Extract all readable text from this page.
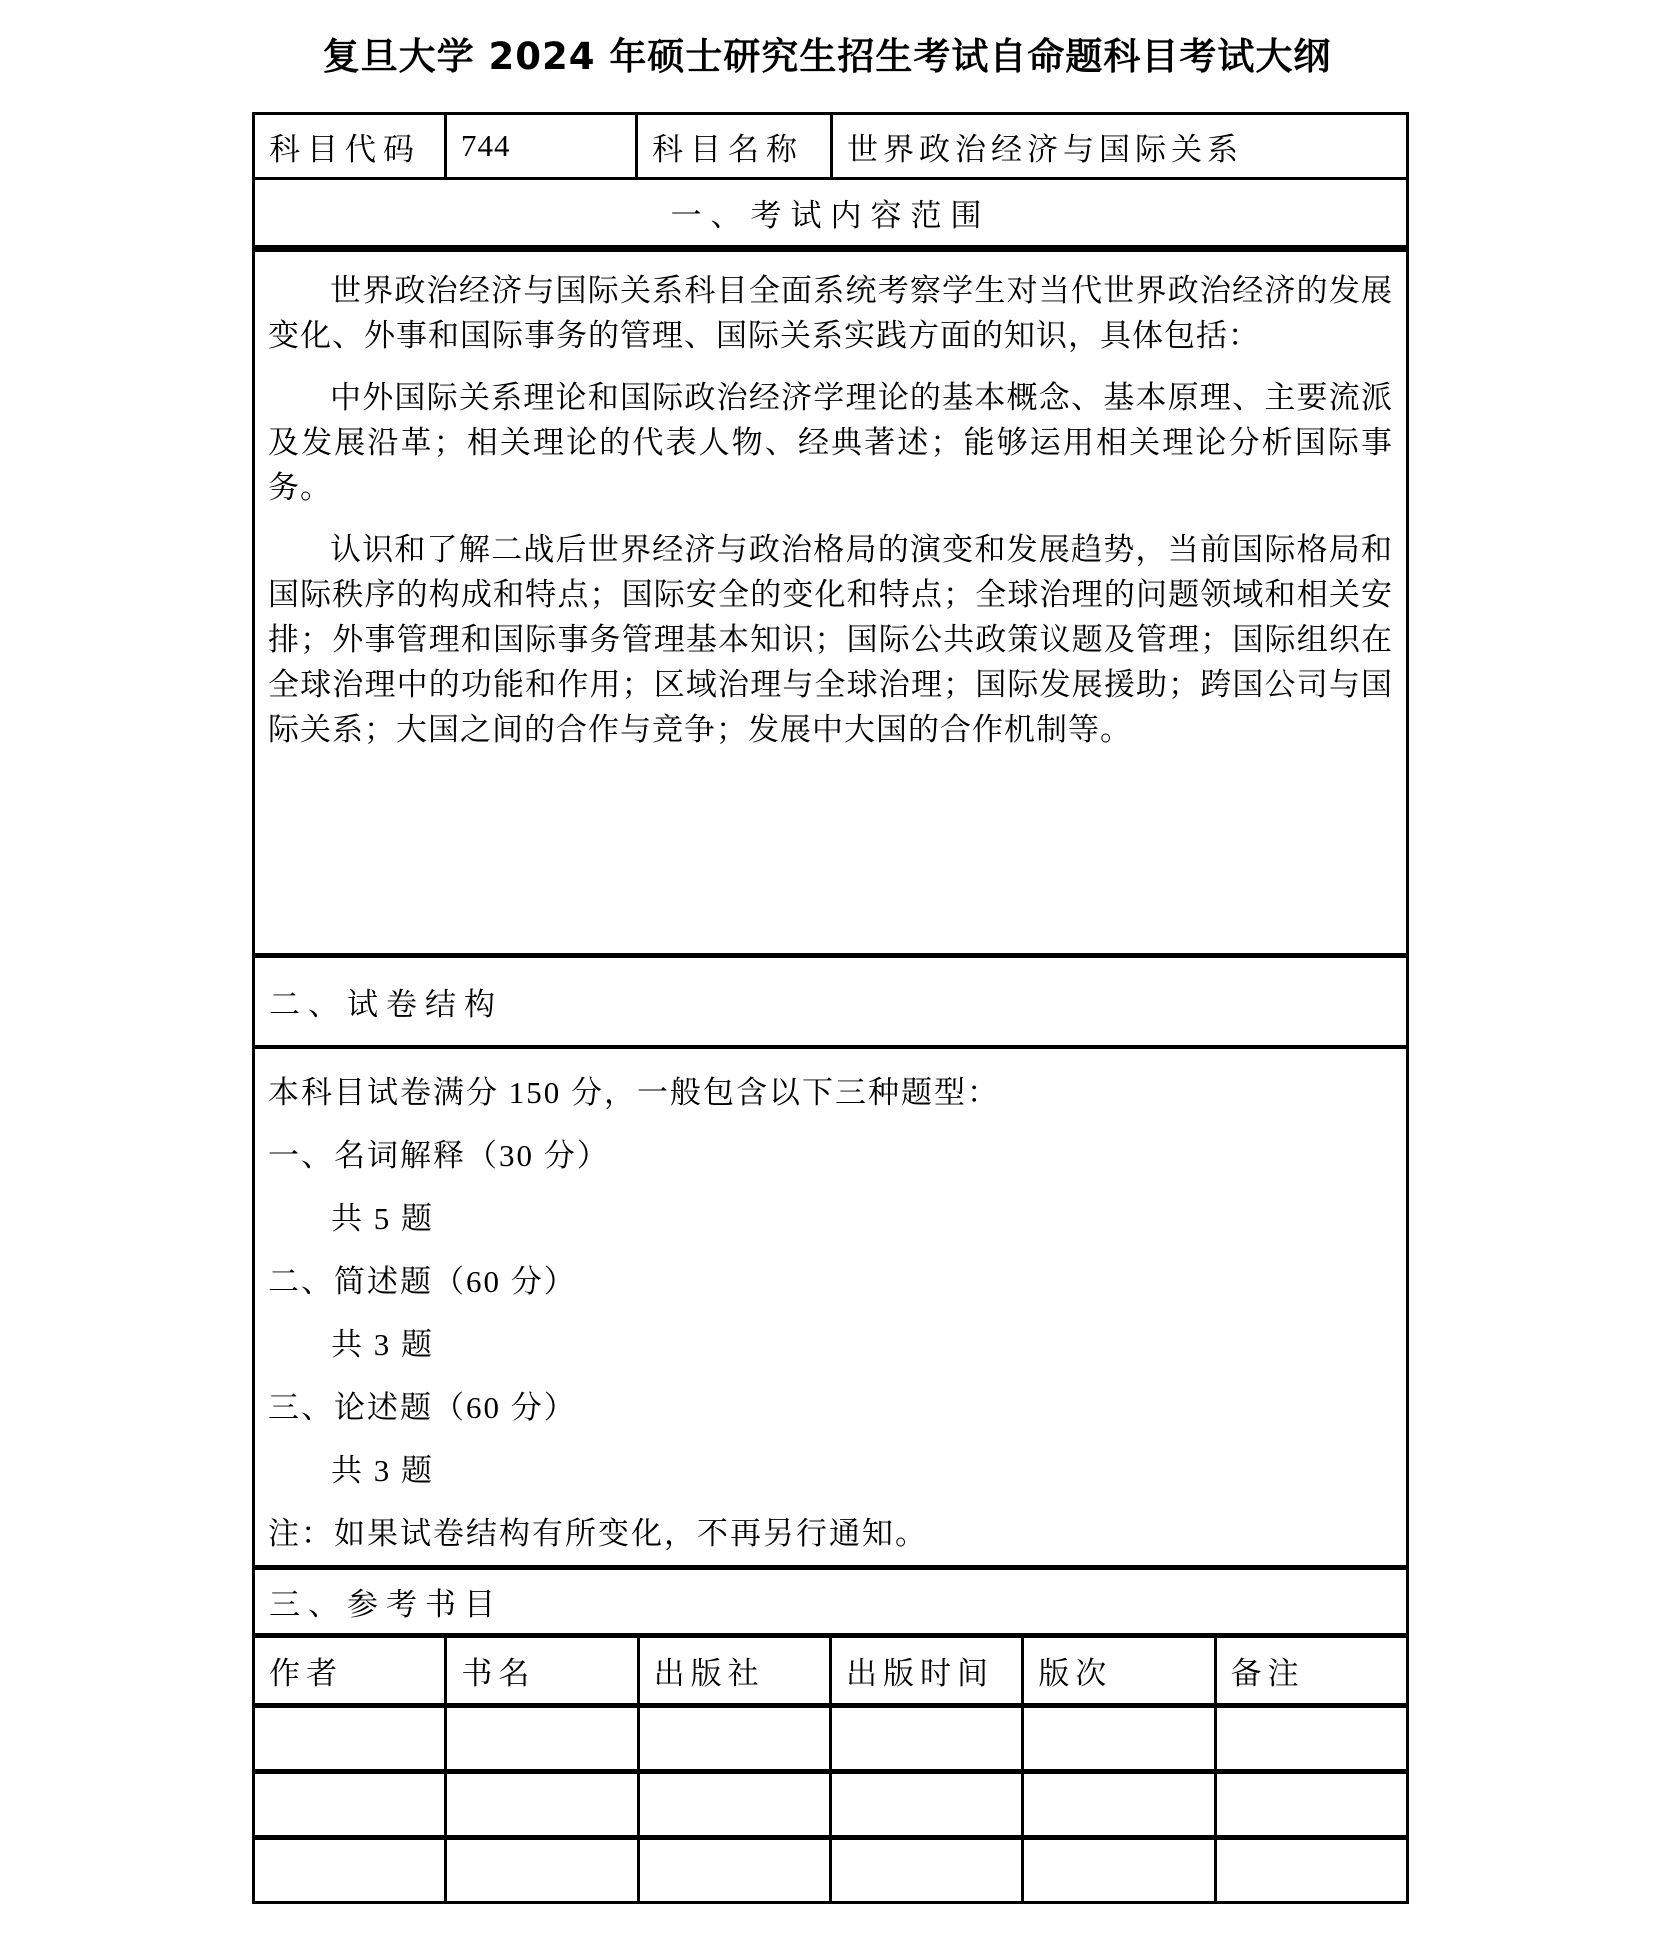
复旦大学 2024 年硕士研究生招生考试自命题科目考试大纲
科目代码	744	科目名称	世界政治经济与国际关系
一、考试内容范围

世界政治经济与国际关系科目全面系统考察学生对当代世界政治经济的发展变化、外事和国际事务的管理、国际关系实践方面的知识，具体包括：

中外国际关系理论和国际政治经济学理论的基本概念、基本原理、主要流派及发展沿革；相关理论的代表人物、经典著述；能够运用相关理论分析国际事务。

认识和了解二战后世界经济与政治格局的演变和发展趋势，当前国际格局和国际秩序的构成和特点；国际安全的变化和特点；全球治理的问题领域和相关安排；外事管理和国际事务管理基本知识；国际公共政策议题及管理；国际组织在全球治理中的功能和作用；区域治理与全球治理；国际发展援助；跨国公司与国际关系；大国之间的合作与竞争；发展中大国的合作机制等。

二、试卷结构
本科目试卷满分 150 分，一般包含以下三种题型：
一、名词解释（30 分）
共 5 题
二、简述题（60 分）
共 3 题
三、论述题（60 分）
共 3 题
注：如果试卷结构有所变化，不再另行通知。
三、参考书目
作者	书名	出版社	出版时间	版次	备注
